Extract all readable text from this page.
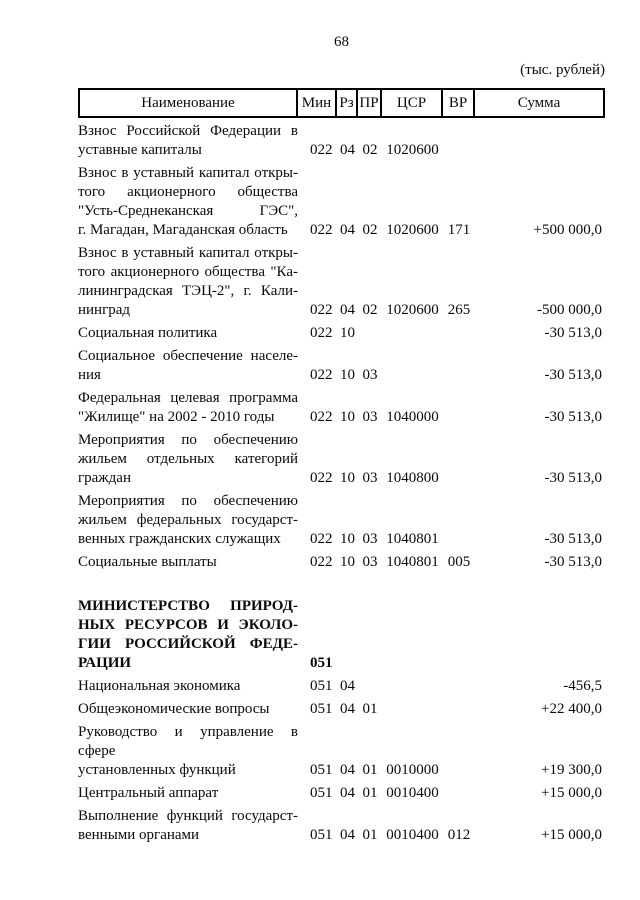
68
(тыс. рублей)
Наименование	Мин Рз ПР	ЦСР	ВР	Сумма
Взнос Российской Федерации в
уставные капиталы	022 04 02 1020600
Взнос в уставный капитал откры-
того акционерного общества
"Усть-Среднеканская ГЭС",
г. Магадан, Магаданская область	022 04 02 1020600 171	+500 000,0
Взнос в уставный капитал откры-
того акционерного общества "Ка-
лининградская ТЭЦ-2", г. Кали-
нинград	022 04 02 1020600 265	-500 000,0
Социальная политика	022 10	-30 513,0
Социальное обеспечение населе-
ния	022 10 03	-30 513,0
Федеральная целевая программа
"Жилище" на 2002 - 2010 годы	022 10 03 1040000	-30 513,0
Мероприятия по обеспечению
жильем отдельных категорий
граждан	022 10 03 1040800	-30 513,0
Мероприятия по обеспечению
жильем федеральных государст-
венных гражданских служащих	022 10 03 1040801	-30 513,0
Социальные выплаты	022 10 03 1040801 005	-30 513,0
МИНИСТЕРСТВО ПРИРОД-
НЫХ РЕСУРСОВ И ЭКОЛО-
ГИИ РОССИЙСКОЙ ФЕДЕ-
РАЦИИ	051
Национальная экономика	051 04	-456,5
Общеэкономические вопросы	051 04 01	+22 400,0
Руководство и управление в сфере
установленных функций	051 04 01 0010000	+19 300,0
Центральный аппарат	051 04 01 0010400	+15 000,0
Выполнение функций государст-
венными органами	051 04 01 0010400 012	+15 000,0
